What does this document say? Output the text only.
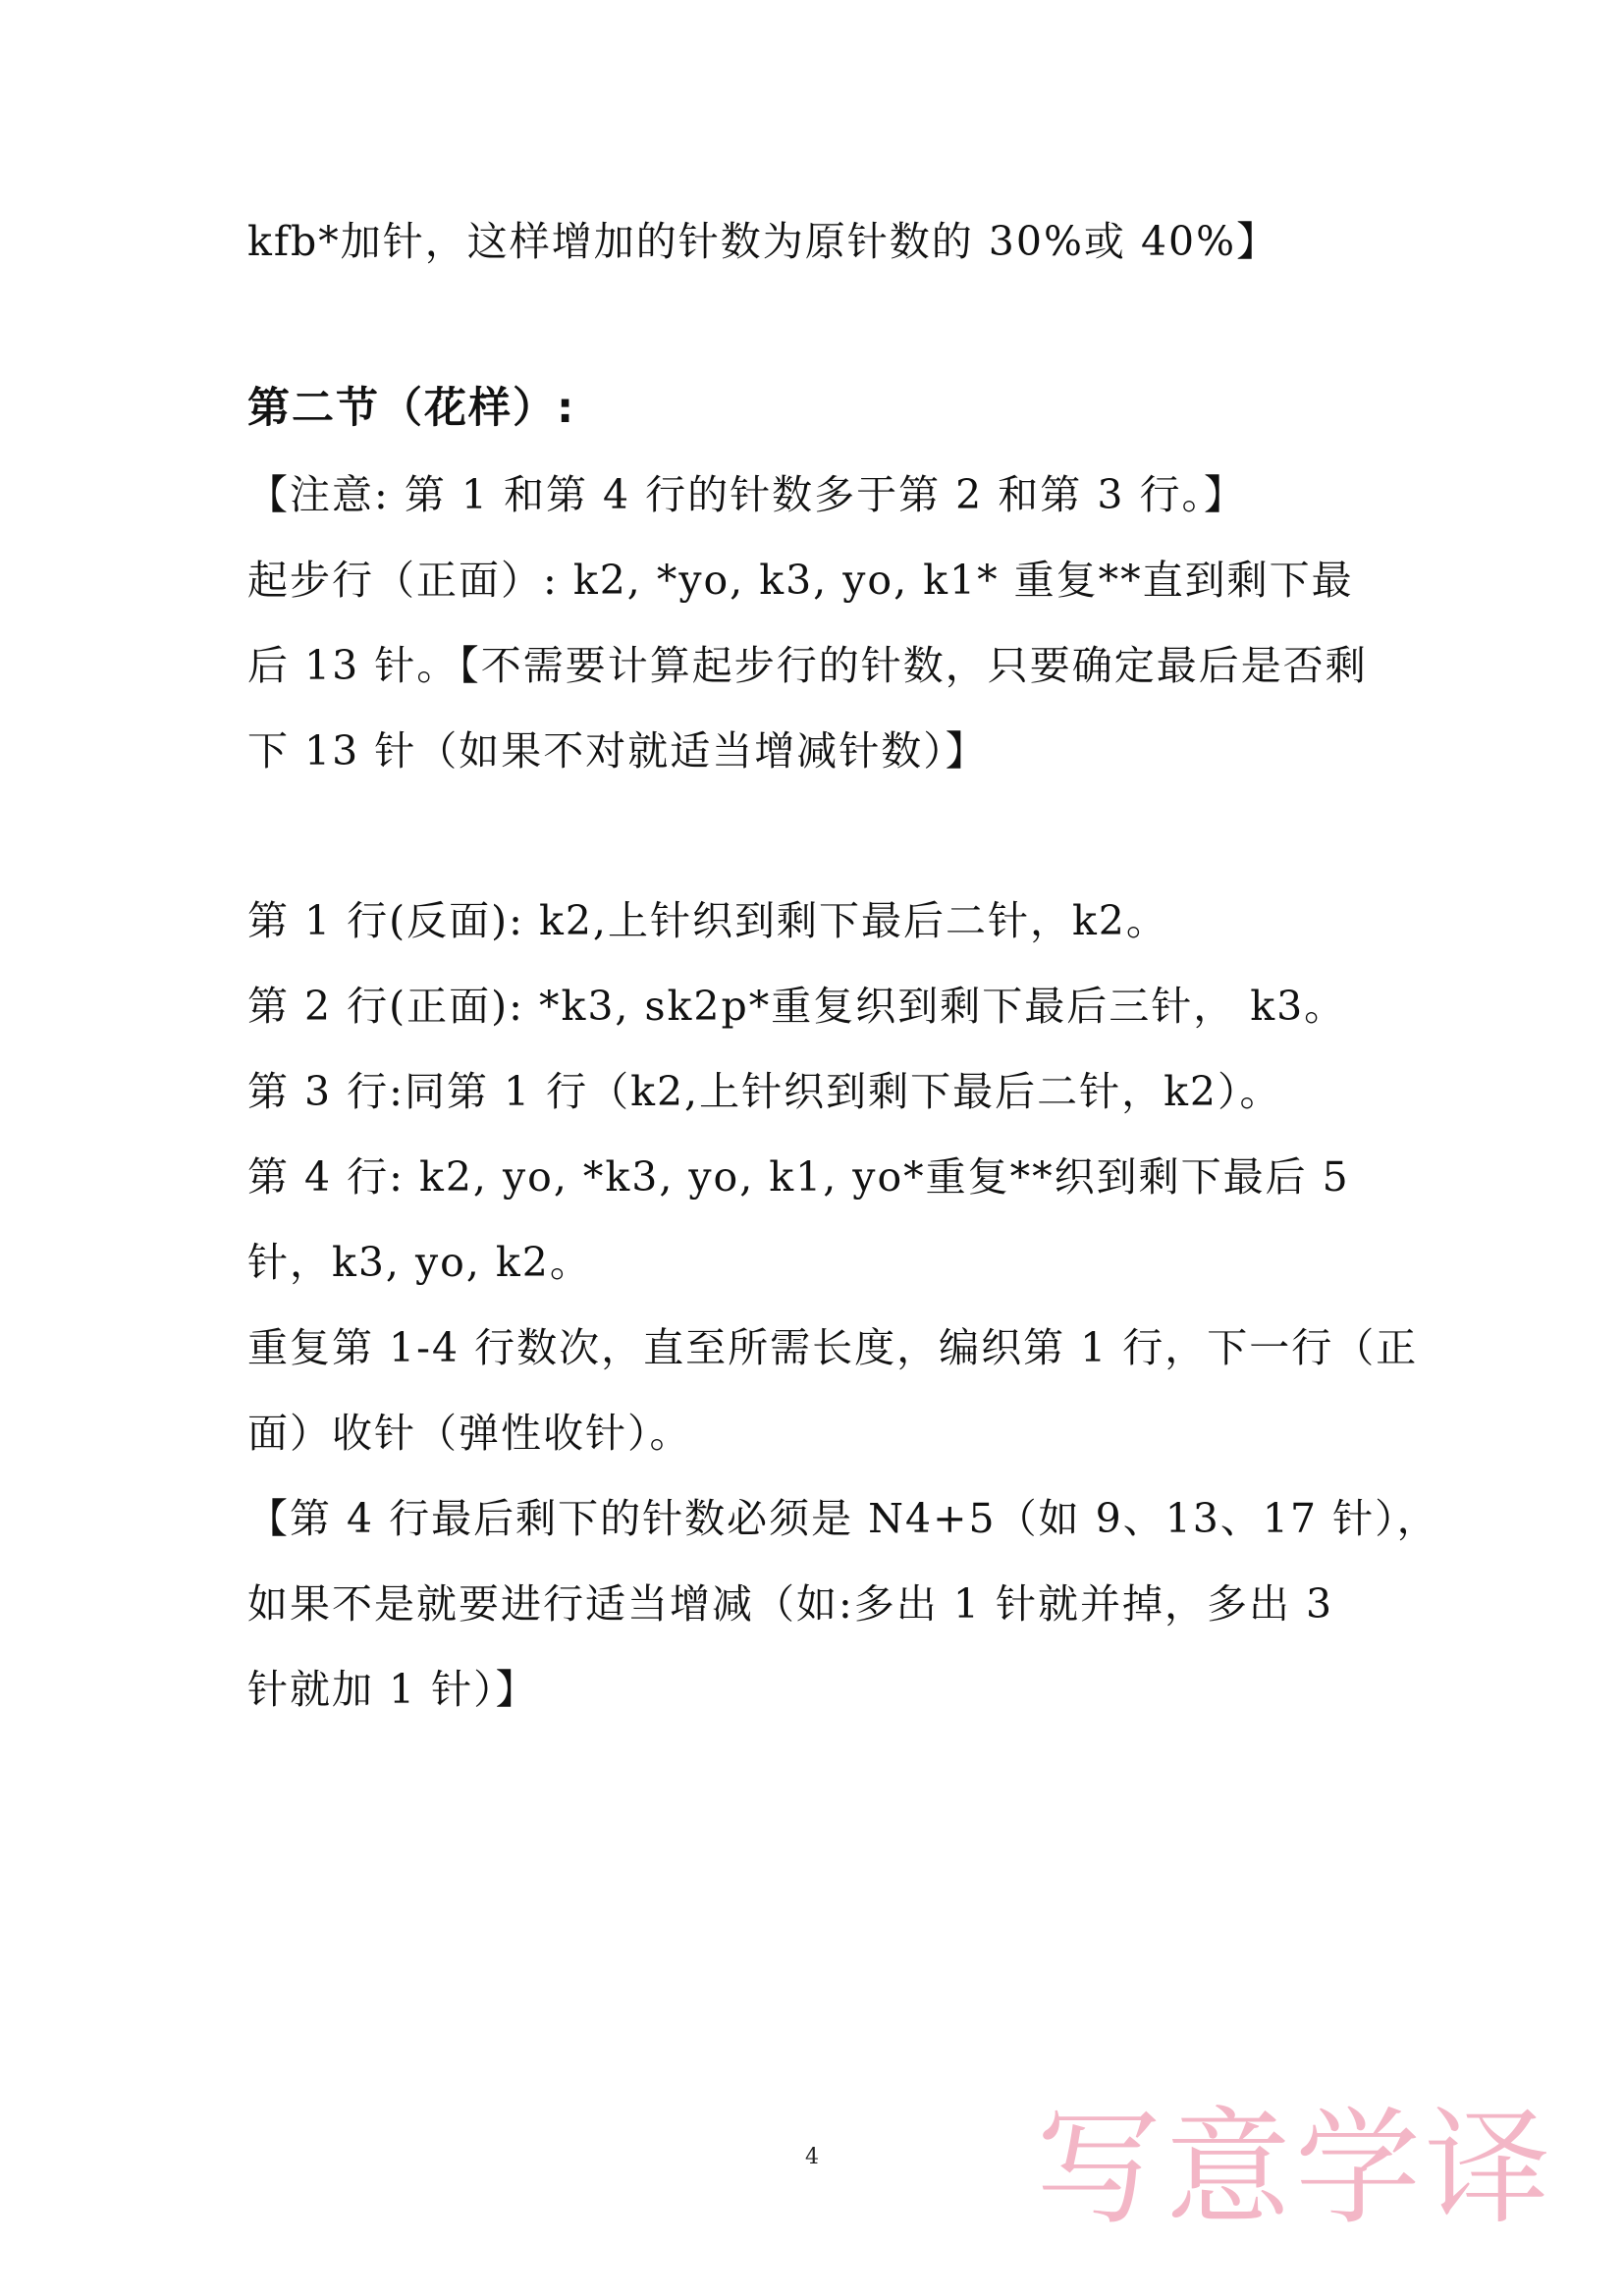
kfb*加针，这样增加的针数为原针数的 30%或 40%】
第二节（花样）:
【注意: 第 1 和第 4 行的针数多于第 2 和第 3 行。】
起步行（正面）: k2, *yo, k3, yo, k1* 重复**直到剩下最
后 13 针。【不需要计算起步行的针数，只要确定最后是否剩
下 13 针（如果不对就适当增减针数）】
第 1 行(反面): k2,上针织到剩下最后二针，k2。
第 2 行(正面): *k3, sk2p*重复织到剩下最后三针， k3。
第 3 行:同第 1 行（k2,上针织到剩下最后二针，k2）。
第 4 行: k2, yo, *k3, yo, k1, yo*重复**织到剩下最后 5
针，k3, yo, k2。
重复第 1-4 行数次，直至所需长度，编织第 1 行，下一行（正
面）收针（弹性收针）。
【第 4 行最后剩下的针数必须是 N4+5（如 9、13、17 针），
如果不是就要进行适当增减（如:多出 1 针就并掉，多出 3
针就加 1 针）】
4	写意学译
